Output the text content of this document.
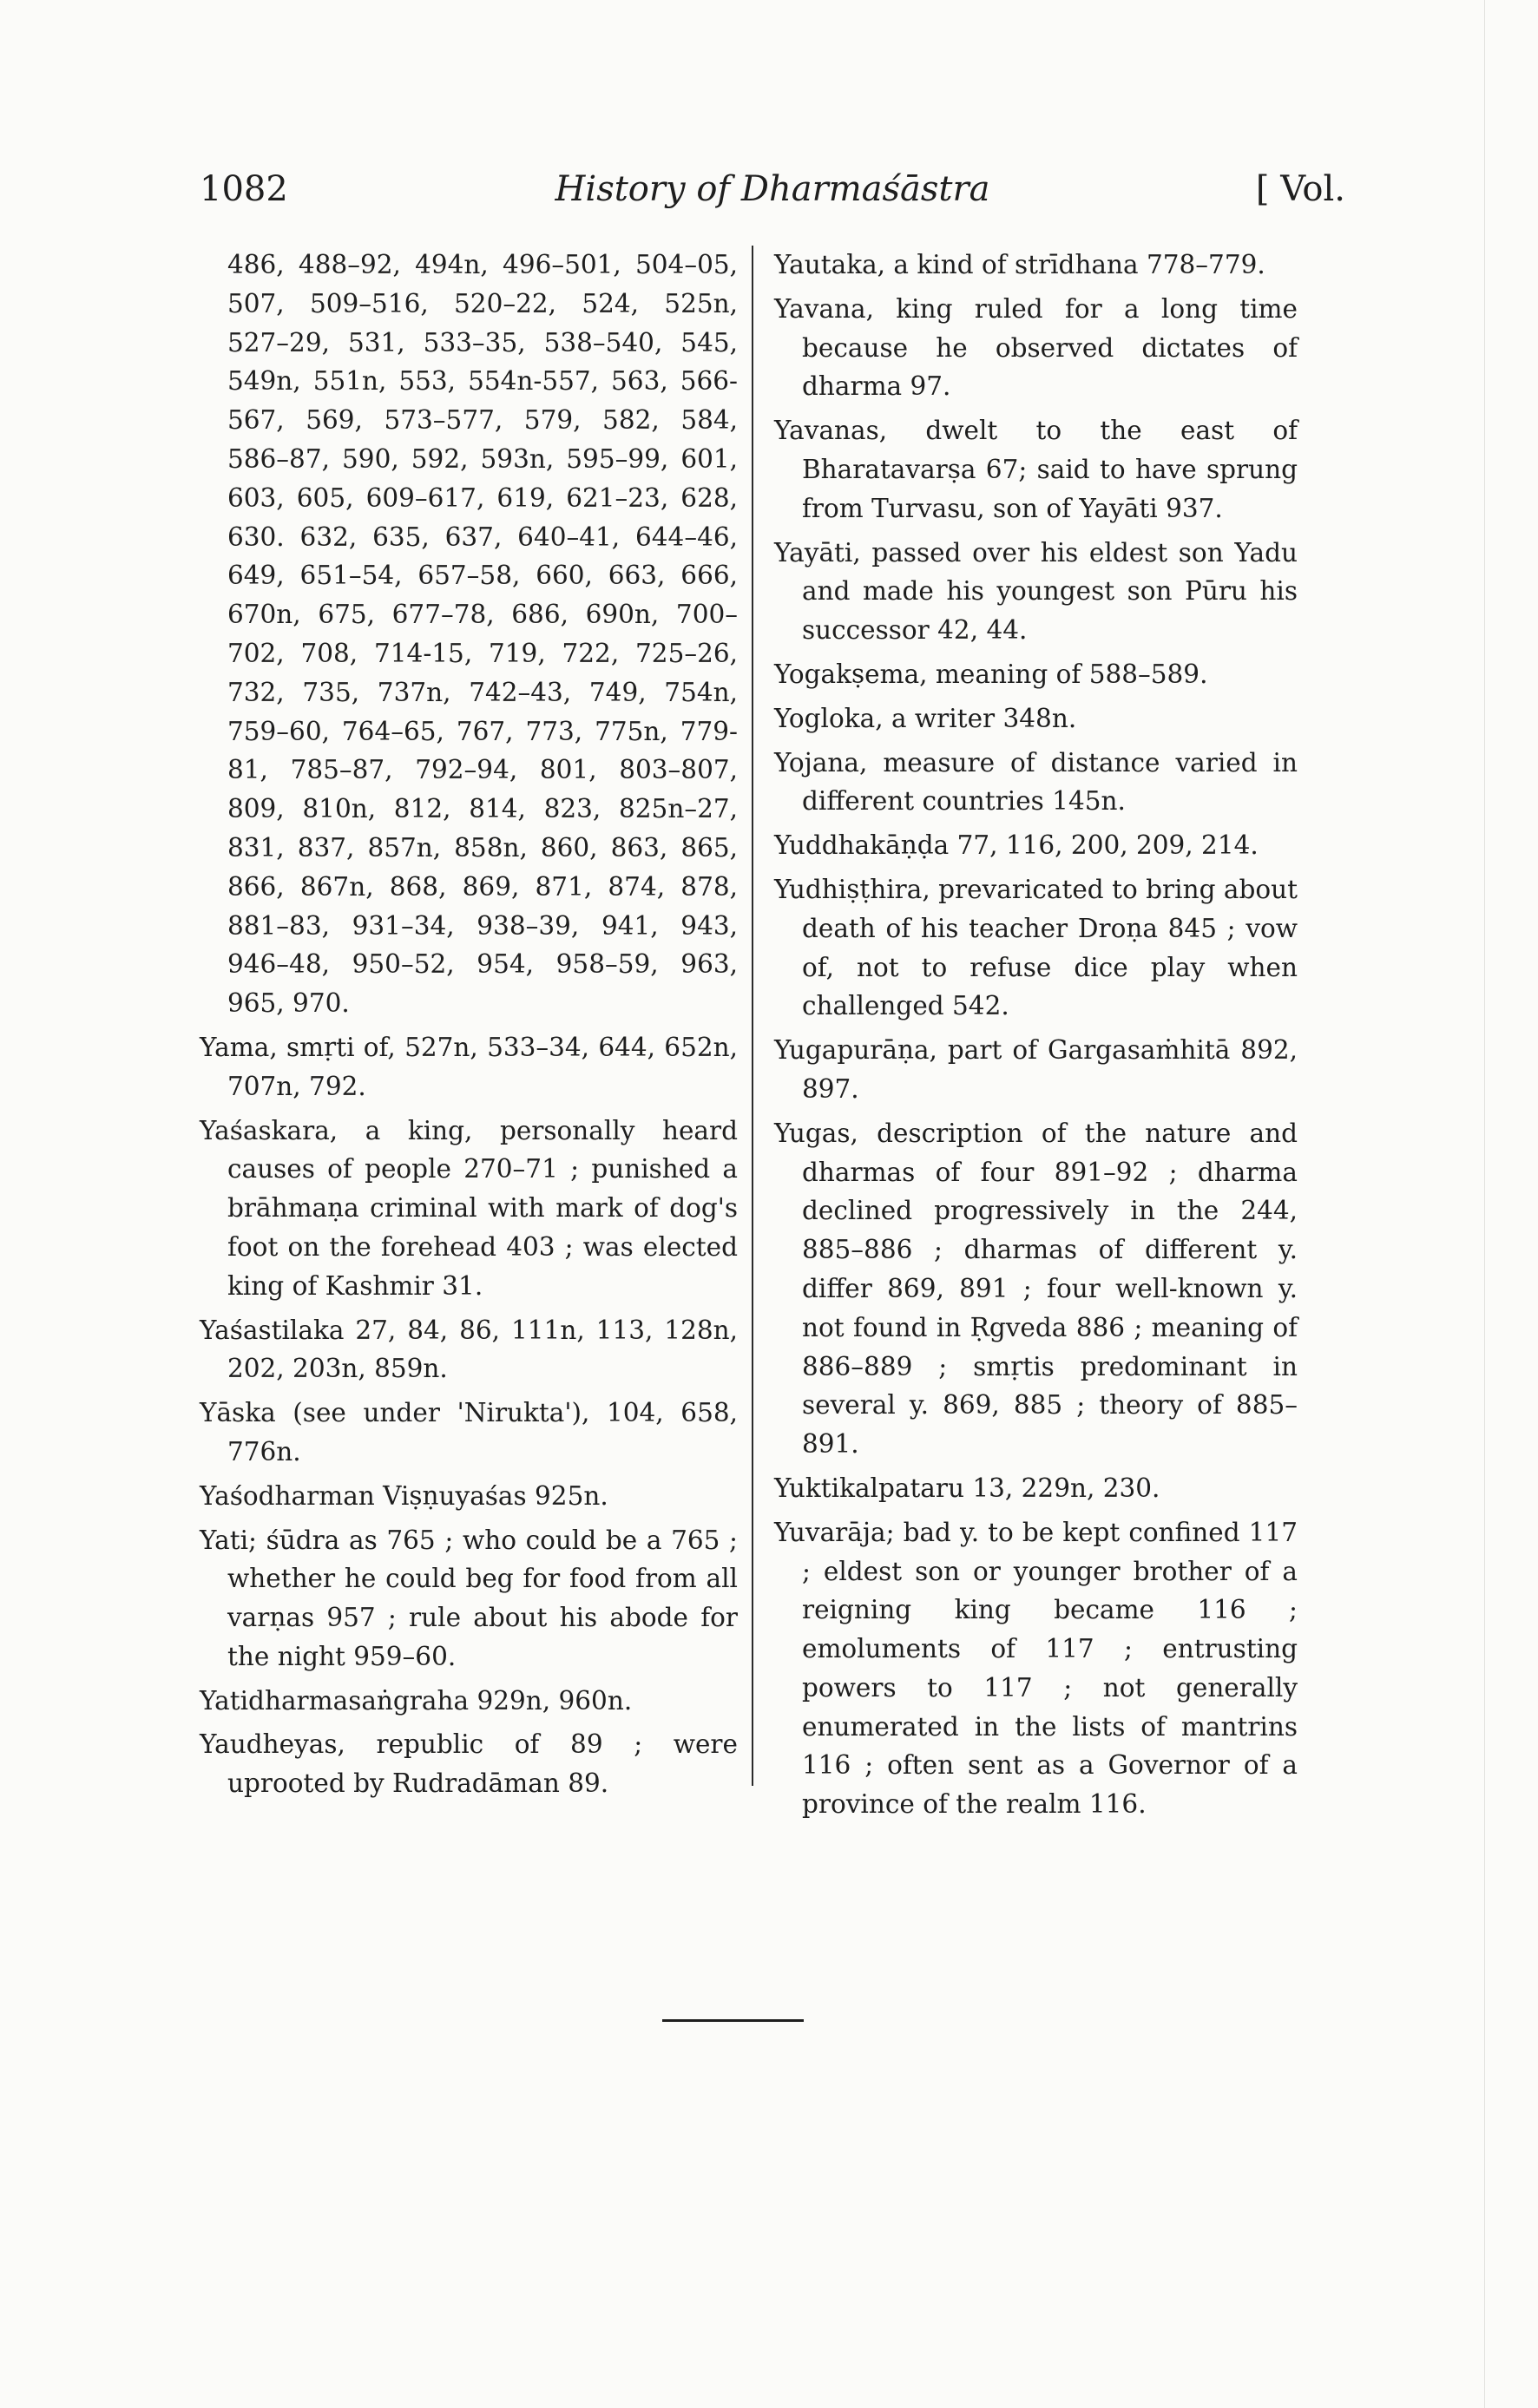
1082	History of Dharmaśāstra	[ Vol.
486, 488–92, 494n, 496–501, 504–05, 507, 509–516, 520–22, 524, 525n, 527–29, 531, 533–35, 538–540, 545, 549n, 551n, 553, 554n-557, 563, 566-567, 569, 573–577, 579, 582, 584, 586–87, 590, 592, 593n, 595–99, 601, 603, 605, 609–617, 619, 621–23, 628, 630. 632, 635, 637, 640–41, 644–46, 649, 651–54, 657–58, 660, 663, 666, 670n, 675, 677–78, 686, 690n, 700–702, 708, 714-15, 719, 722, 725–26, 732, 735, 737n, 742–43, 749, 754n, 759–60, 764–65, 767, 773, 775n, 779-81, 785–87, 792–94, 801, 803–807, 809, 810n, 812, 814, 823, 825n–27, 831, 837, 857n, 858n, 860, 863, 865, 866, 867n, 868, 869, 871, 874, 878, 881–83, 931–34, 938–39, 941, 943, 946–48, 950–52, 954, 958–59, 963, 965, 970.
Yama, smṛti of, 527n, 533–34, 644, 652n, 707n, 792.
Yaśaskara, a king, personally heard causes of people 270–71 ; punished a brāhmaṇa criminal with mark of dog's foot on the forehead 403 ; was elected king of Kashmir 31.
Yaśastilaka 27, 84, 86, 111n, 113, 128n, 202, 203n, 859n.
Yāska (see under 'Nirukta'), 104, 658, 776n.
Yaśodharman Viṣṇuyaśas 925n.
Yati; śūdra as 765 ; who could be a 765 ; whether he could beg for food from all varṇas 957 ; rule about his abode for the night 959–60.
Yatidharmasaṅgraha 929n, 960n.
Yaudheyas, republic of 89 ; were uprooted by Rudradāman 89.
Yautaka, a kind of strīdhana 778–779.
Yavana, king ruled for a long time because he observed dictates of dharma 97.
Yavanas, dwelt to the east of Bharatavarṣa 67; said to have sprung from Turvasu, son of Yayāti 937.
Yayāti, passed over his eldest son Yadu and made his youngest son Pūru his successor 42, 44.
Yogakṣema, meaning of 588–589.
Yogloka, a writer 348n.
Yojana, measure of distance varied in different countries 145n.
Yuddhakāṇḍa 77, 116, 200, 209, 214.
Yudhiṣṭhira, prevaricated to bring about death of his teacher Droṇa 845 ; vow of, not to refuse dice play when challenged 542.
Yugapurāṇa, part of Gargasaṁhitā 892, 897.
Yugas, description of the nature and dharmas of four 891–92 ; dharma declined progressively in the 244, 885–886 ; dharmas of different y. differ 869, 891 ; four well-known y. not found in Ṛgveda 886 ; meaning of 886–889 ; smṛtis predominant in several y. 869, 885 ; theory of 885–891.
Yuktikalpataru 13, 229n, 230.
Yuvarāja; bad y. to be kept confined 117 ; eldest son or younger brother of a reigning king became 116 ; emoluments of 117 ; entrusting powers to 117 ; not generally enumerated in the lists of mantrins 116 ; often sent as a Governor of a province of the realm 116.
